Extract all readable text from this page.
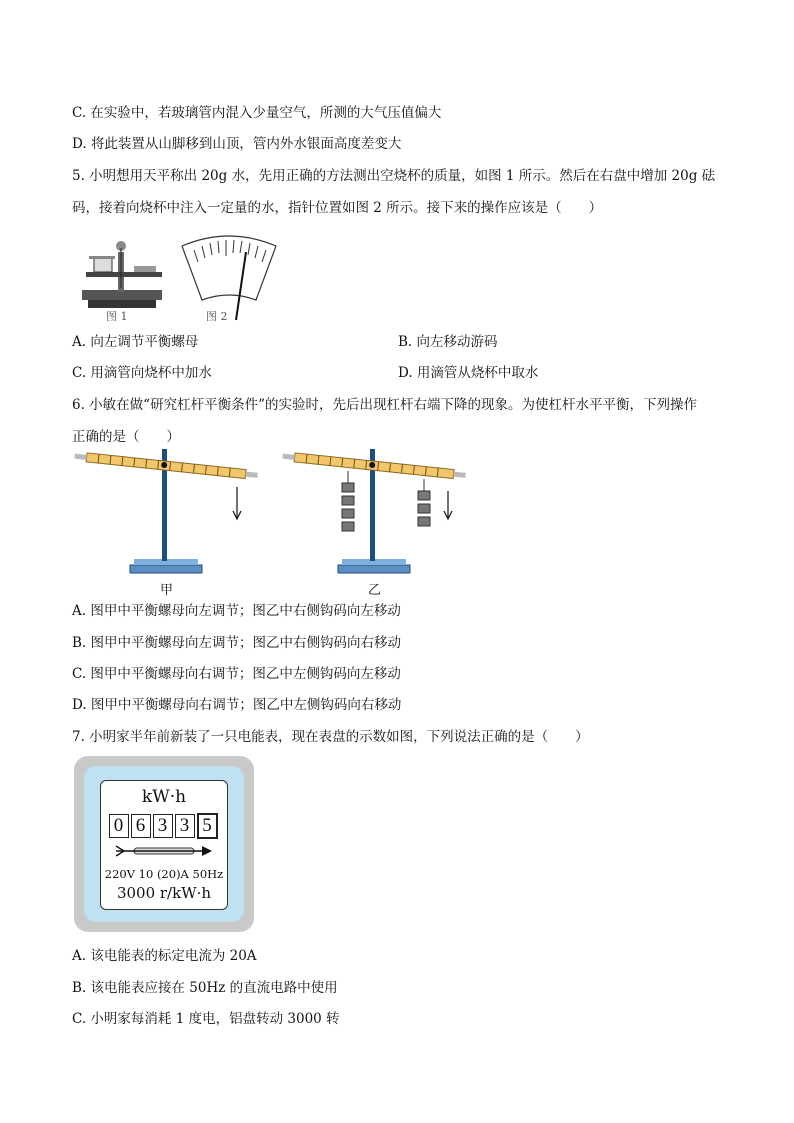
C. 在实验中，若玻璃管内混入少量空气，所测的大气压值偏大
D. 将此装置从山脚移到山顶，管内外水银面高度差变大
5. 小明想用天平称出 20g 水，先用正确的方法测出空烧杯的质量，如图 1 所示。然后在右盘中增加 20g 砝
码，接着向烧杯中注入一定量的水，指针位置如图 2 所示。接下来的操作应该是（　　）
图 1	图 2
A. 向左调节平衡螺母	B. 向左移动游码
C. 用滴管向烧杯中加水	D. 用滴管从烧杯中取水
6. 小敏在做“研究杠杆平衡条件”的实验时，先后出现杠杆右端下降的现象。为使杠杆水平平衡，下列操作
正确的是（　　）
甲	乙
A. 图甲中平衡螺母向左调节；图乙中右侧钩码向左移动
B. 图甲中平衡螺母向左调节；图乙中右侧钩码向右移动
C. 图甲中平衡螺母向右调节；图乙中左侧钩码向左移动
D. 图甲中平衡螺母向右调节；图乙中左侧钩码向右移动
7. 小明家半年前新装了一只电能表，现在表盘的示数如图，下列说法正确的是（　　）
kW·h
0 6 3 3 5
220V 10 (20)A 50Hz
3000 r/kW·h
A. 该电能表的标定电流为 20A
B. 该电能表应接在 50Hz 的直流电路中使用
C. 小明家每消耗 1 度电，铝盘转动 3000 转
